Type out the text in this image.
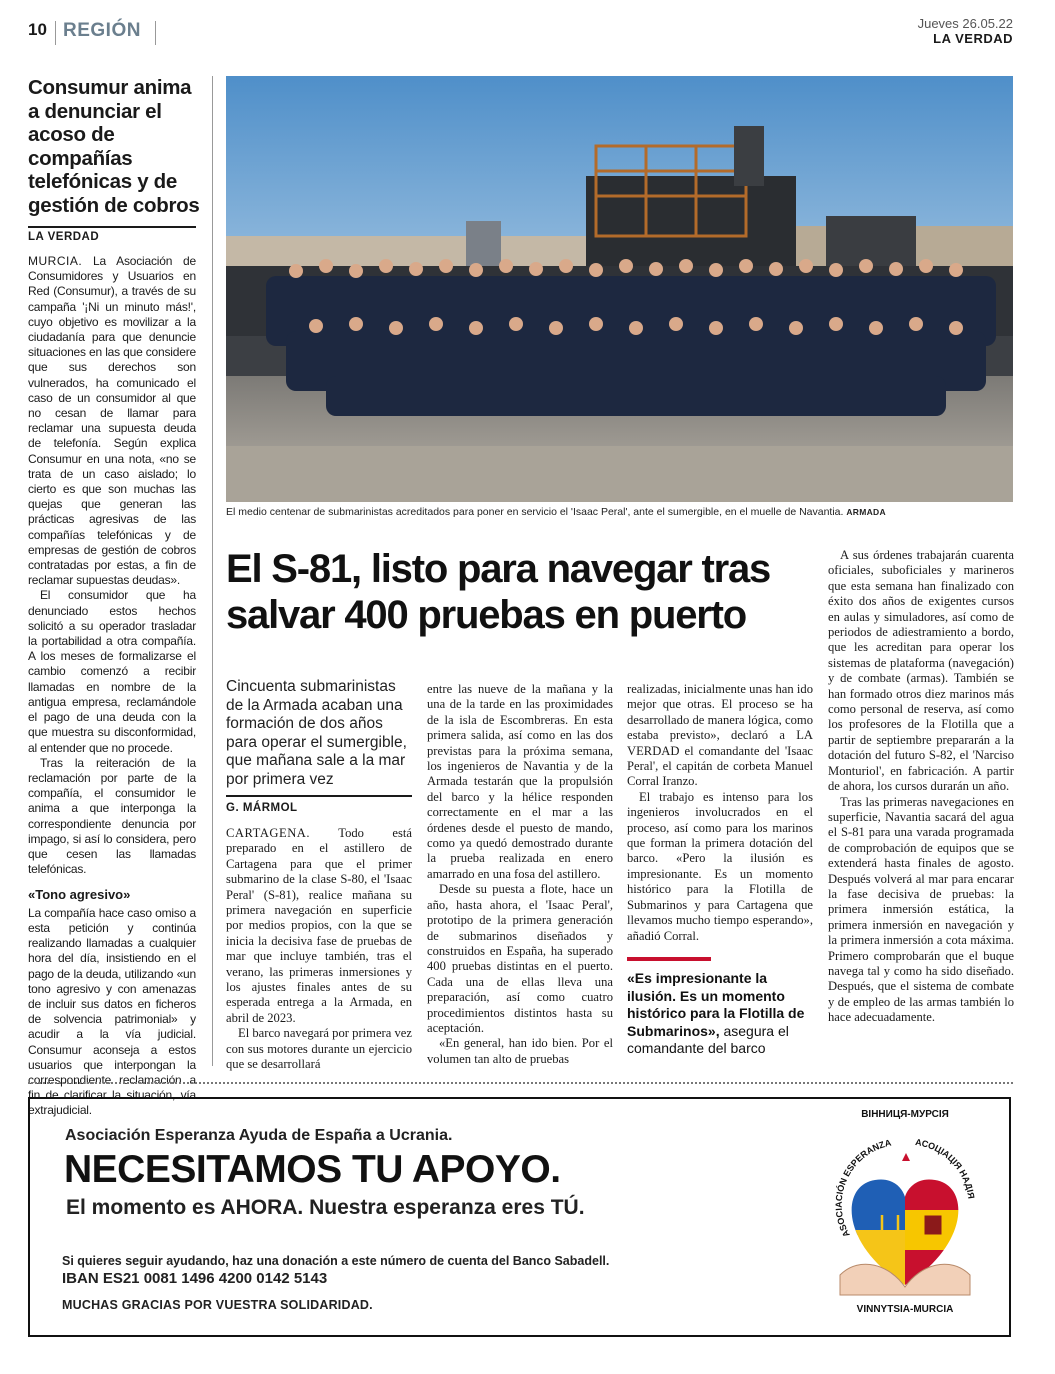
10 REGIÓN	Jueves 26.05.22
LA VERDAD
Consumur anima a denunciar el acoso de compañías telefónicas y de gestión de cobros
LA VERDAD

MURCIA. La Asociación de Consumidores y Usuarios en Red (Consumur), a través de su campaña '¡Ni un minuto más!', cuyo objetivo es movilizar a la ciudadanía para que denuncie situaciones en las que considere que sus derechos son vulnerados, ha comunicado el caso de un consumidor al que no cesan de llamar para reclamar una supuesta deuda de telefonía. Según explica Consumur en una nota, «no se trata de un caso aislado; lo cierto es que son muchas las quejas que generan las prácticas agresivas de las compañías telefónicas y de empresas de gestión de cobros contratadas por estas, a fin de reclamar supuestas deudas».

El consumidor que ha denunciado estos hechos solicitó a su operador trasladar la portabilidad a otra compañía. A los meses de formalizarse el cambio comenzó a recibir llamadas en nombre de la antigua empresa, reclamándole el pago de una deuda con la que muestra su disconformidad, al entender que no procede.

Tras la reiteración de la reclamación por parte de la compañía, el consumidor le anima a que interponga la correspondiente denuncia por impago, si así lo considera, pero que cesen las llamadas telefónicas.

«Tono agresivo»

La compañía hace caso omiso a esta petición y continúa realizando llamadas a cualquier hora del día, insistiendo en el pago de la deuda, utilizando «un tono agresivo y con amenazas de incluir sus datos en ficheros de solvencia patrimonial» y acudir a la vía judicial. Consumur aconseja a estos usuarios que interpongan la correspondiente reclamación a fin de clarificar la situación, vía extrajudicial.

El medio centenar de submarinistas acreditados para poner en servicio el 'Isaac Peral', ante el sumergible, en el muelle de Navantia. ARMADA
El S-81, listo para navegar tras salvar 400 pruebas en puerto
Cincuenta submarinistas de la Armada acaban una formación de dos años para operar el sumergible, que mañana sale a la mar por primera vez
G. MÁRMOL

CARTAGENA. Todo está preparado en el astillero de Cartagena para que el primer submarino de la clase S-80, el 'Isaac Peral' (S-81), realice mañana su primera navegación en superficie por medios propios, con la que se inicia la decisiva fase de pruebas de mar que incluye también, tras el verano, las primeras inmersiones y los ajustes finales antes de su esperada entrega a la Armada, en abril de 2023.

El barco navegará por primera vez con sus motores durante un ejercicio que se desarrollará

entre las nueve de la mañana y la una de la tarde en las proximidades de la isla de Escombreras. En esta primera salida, así como en las dos previstas para la próxima semana, los ingenieros de Navantia y de la Armada testarán que la propulsión del barco y la hélice responden correctamente en el mar a las órdenes desde el puesto de mando, como ya quedó demostrado durante la prueba realizada en enero amarrado en una fosa del astillero.

Desde su puesta a flote, hace un año, hasta ahora, el 'Isaac Peral', prototipo de la primera generación de submarinos diseñados y construidos en España, ha superado 400 pruebas distintas en el puerto. Cada una de ellas lleva una preparación, así como cuatro procedimientos distintos hasta su aceptación.

«En general, han ido bien. Por el volumen tan alto de pruebas

realizadas, inicialmente unas han ido mejor que otras. El proceso se ha desarrollado de manera lógica, como estaba previsto», declaró a LA VERDAD el comandante del 'Isaac Peral', el capitán de corbeta Manuel Corral Iranzo.

El trabajo es intenso para los ingenieros involucrados en el proceso, así como para los marinos que forman la primera dotación del barco. «Pero la ilusión es impresionante. Es un momento histórico para la Flotilla de Submarinos y para Cartagena que llevamos mucho tiempo esperando», añadió Corral.

«Es impresionante la ilusión. Es un momento histórico para la Flotilla de Submarinos», asegura el comandante del barco

A sus órdenes trabajarán cuarenta oficiales, suboficiales y marineros que esta semana han finalizado con éxito dos años de exigentes cursos en aulas y simuladores, así como de periodos de adiestramiento a bordo, que les acreditan para operar los sistemas de plataforma (navegación) y de combate (armas). También se han formado otros diez marinos más como personal de reserva, así como los profesores de la Flotilla que a partir de septiembre prepararán a la dotación del futuro S-82, el 'Narciso Monturiol', en fabricación. A partir de ahora, los cursos durarán un año.

Tras las primeras navegaciones en superficie, Navantia sacará del agua el S-81 para una varada programada de comprobación de equipos que se extenderá hasta finales de agosto. Después volverá al mar para encarar la fase decisiva de pruebas: la primera inmersión estática, la primera inmersión en navegación y la primera inmersión a cota máxima. Primero comprobarán que el buque navega tal y como ha sido diseñado. Después, que el sistema de combate y de empleo de las armas también lo hace adecuadamente.

Asociación Esperanza Ayuda de España a Ucrania.
NECESITAMOS TU APOYO.
El momento es AHORA. Nuestra esperanza eres TÚ.
Si quieres seguir ayudando, haz una donación a este número de cuenta del Banco Sabadell.
IBAN ES21 0081 1496 4200 0142 5143
MUCHAS GRACIAS POR VUESTRA SOLIDARIDAD.
ВІННИЦЯ-МУРСІЯ
ASOCIACIÓN ESPERANZA АСОЦІАЦІЯ НАДІЯ
VINNYTSIA-MURCIA
